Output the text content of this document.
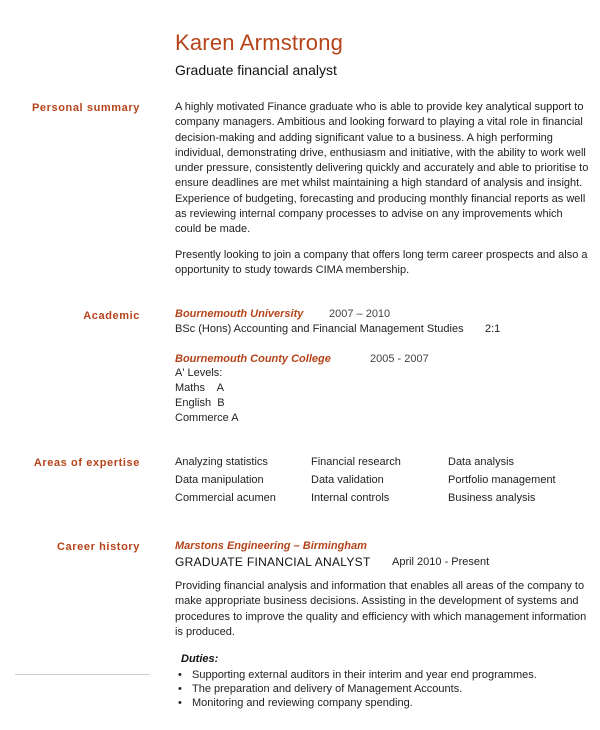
Karen Armstrong
Graduate financial analyst
Personal summary	A highly motivated Finance graduate who is able to provide key analytical support to company managers. Ambitious and looking forward to playing a vital role in financial decision-making and adding significant value to a business. A high performing individual, demonstrating drive, enthusiasm and initiative, with the ability to work well under pressure, consistently delivering quickly and accurately and able to prioritise to ensure deadlines are met whilst maintaining a high standard of analysis and insight. Experience of budgeting, forecasting and producing monthly financial reports as well as reviewing internal company processes to advise on any improvements which could be made.
Presently looking to join a company that offers long term career prospects and also a opportunity to study towards CIMA membership.
Academic	Bournemouth University 2007 – 2010
BSc (Hons) Accounting and Financial Management Studies 2:1
Bournemouth County College	2005 - 2007
A' Levels:
Maths    A
English  B
Commerce A
Areas of expertise	Analyzing statistics	Financial research	Data analysis
Data manipulation	Data validation	Portfolio management
Commercial acumen	Internal controls	Business analysis
Career history	Marstons Engineering – Birmingham
GRADUATE FINANCIAL ANALYST April 2010 - Present
Providing financial analysis and information that enables all areas of the company to make appropriate business decisions. Assisting in the development of systems and procedures to improve the quality and efficiency with which management information is produced.
Duties:
• Supporting external auditors in their interim and year end programmes.
• The preparation and delivery of Management Accounts.
• Monitoring and reviewing company spending.
